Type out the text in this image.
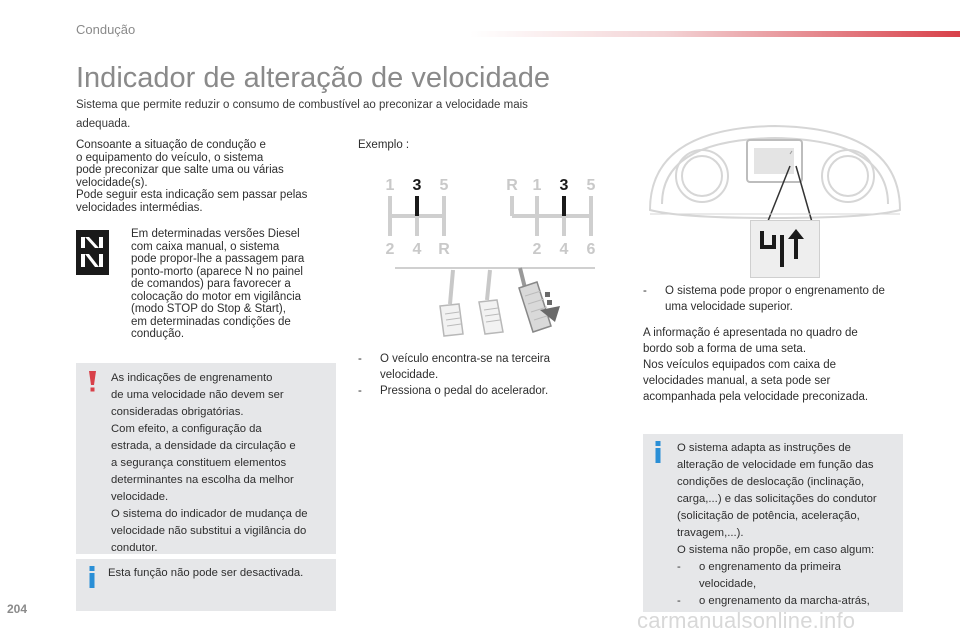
Condução
Indicador de alteração de velocidade
Sistema que permite reduzir o consumo de combustível ao preconizar a velocidade mais
adequada.
Consoante a situação de condução e
o equipamento do veículo, o sistema
pode preconizar que salte uma ou várias
velocidade(s).
Pode seguir esta indicação sem passar pelas
velocidades intermédias.
Em determinadas versões Diesel
com caixa manual, o sistema
pode propor-lhe a passagem para
ponto-morto (aparece N no painel
de comandos) para favorecer a
colocação do motor em vigilância
(modo STOP do Stop & Start),
em determinadas condições de
condução.
As indicações de engrenamento
de uma velocidade não devem ser
consideradas obrigatórias.
Com efeito, a configuração da
estrada, a densidade da circulação e
a segurança constituem elementos
determinantes na escolha da melhor
velocidade.
O sistema do indicador de mudança de
velocidade não substitui a vigilância do
condutor.
Esta função não pode ser desactivada.
Exemplo :
1 3 5
2 4 R
R 1 3 5
2 4 6
-	O veículo encontra-se na terceira
velocidade.
-	Pressiona o pedal do acelerador.
-	O sistema pode propor o engrenamento de
uma velocidade superior.
A informação é apresentada no quadro de
bordo sob a forma de uma seta.
Nos veículos equipados com caixa de
velocidades manual, a seta pode ser
acompanhada pela velocidade preconizada.
O sistema adapta as instruções de
alteração de velocidade em função das
condições de deslocação (inclinação,
carga,...) e das solicitações do condutor
(solicitação de potência, aceleração,
travagem,...).
O sistema não propõe, em caso algum:
-	o engrenamento da primeira
velocidade,
-	o engrenamento da marcha-atrás,
204	carmanualsonline.info
